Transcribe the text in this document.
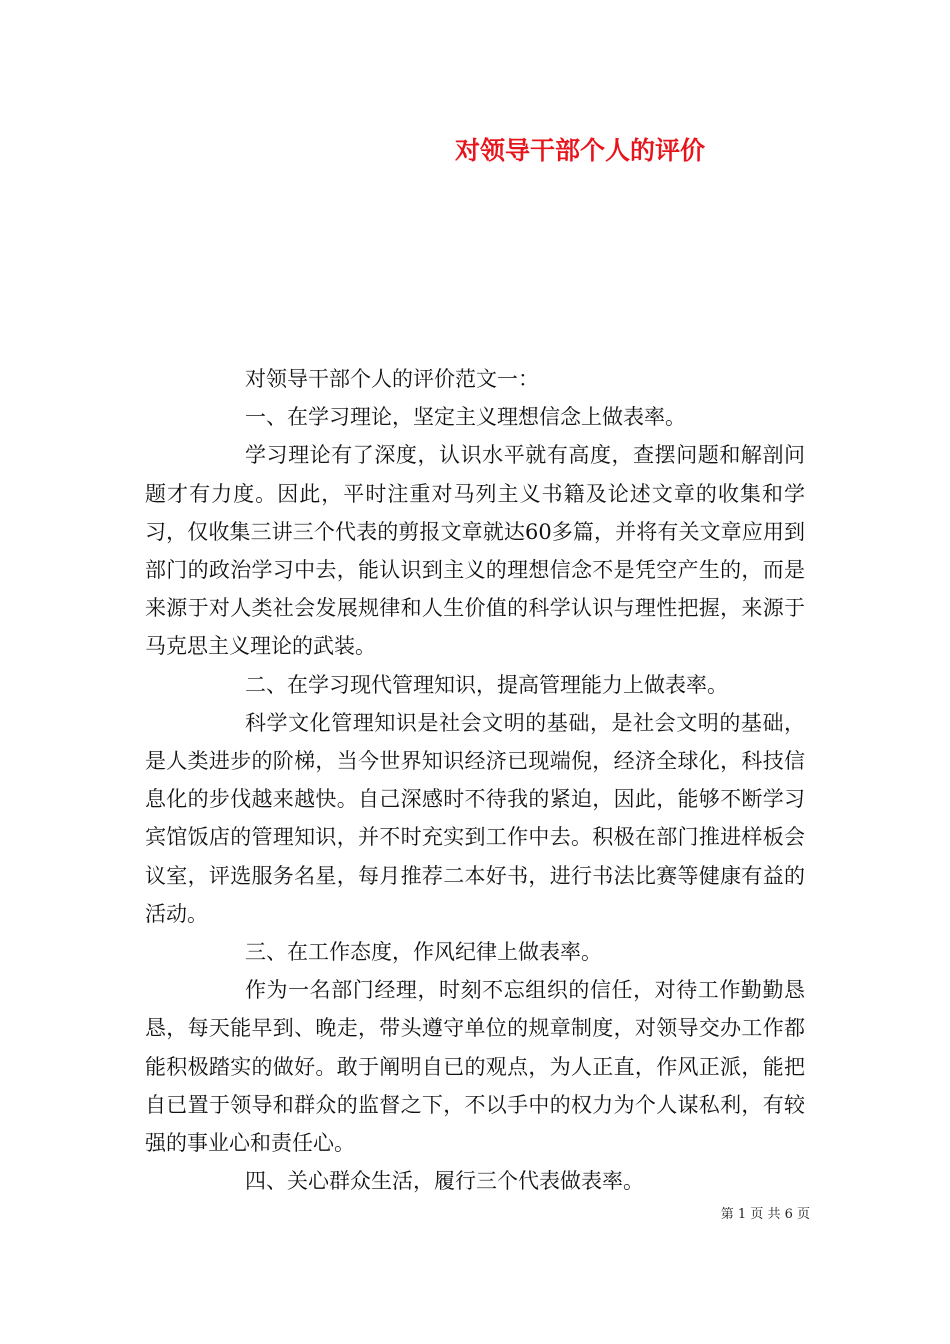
对领导干部个人的评价

对领导干部个人的评价范文一：

一、在学习理论，坚定主义理想信念上做表率。

学习理论有了深度，认识水平就有高度，查摆问题和解剖问题才有力度。因此，平时注重对马列主义书籍及论述文章的收集和学习，仅收集三讲三个代表的剪报文章就达60多篇，并将有关文章应用到部门的政治学习中去，能认识到主义的理想信念不是凭空产生的，而是来源于对人类社会发展规律和人生价值的科学认识与理性把握，来源于马克思主义理论的武装。

二、在学习现代管理知识，提高管理能力上做表率。

科学文化管理知识是社会文明的基础，是社会文明的基础，是人类进步的阶梯，当今世界知识经济已现端倪，经济全球化，科技信息化的步伐越来越快。自己深感时不待我的紧迫，因此，能够不断学习宾馆饭店的管理知识，并不时充实到工作中去。积极在部门推进样板会议室，评选服务名星，每月推荐二本好书，进行书法比赛等健康有益的活动。

三、在工作态度，作风纪律上做表率。

作为一名部门经理，时刻不忘组织的信任，对待工作勤勤恳恳，每天能早到、晚走，带头遵守单位的规章制度，对领导交办工作都能积极踏实的做好。敢于阐明自已的观点，为人正直，作风正派，能把自已置于领导和群众的监督之下，不以手中的权力为个人谋私利，有较强的事业心和责任心。

四、关心群众生活，履行三个代表做表率。

第 1 页 共 6 页
